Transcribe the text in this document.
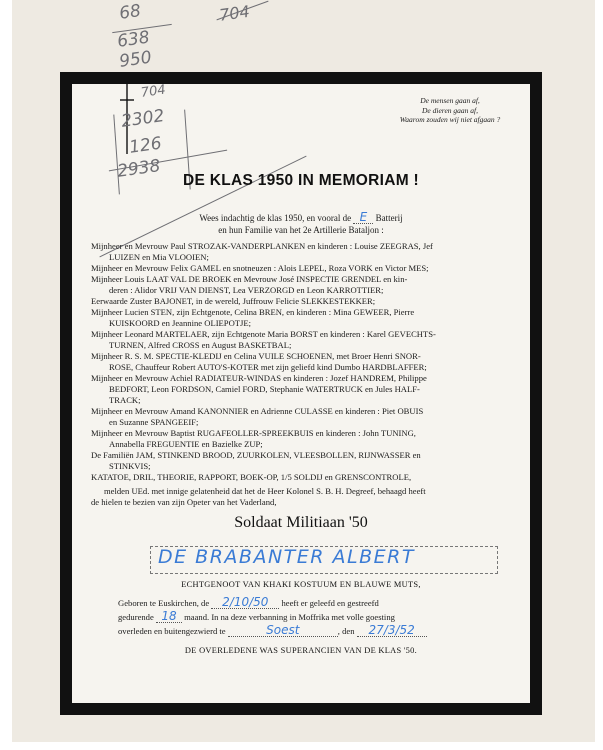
68
638
950
704
704
2302
126
2938
De mensen gaan af,
De dieren gaan af,
Waarom zouden wij niet afgaan ?
DE KLAS 1950 IN MEMORIAM !
Wees indachtig de klas 1950, en vooral de E Batterij
en hun Familie van het 2e Artillerie Bataljon :
Mijnheer en Mevrouw Paul STROZAK-VANDERPLANKEN en kinderen : Louise ZEEGRAS, Jef
LUIZEN en Mia VLOOIEN;
Mijnheer en Mevrouw Felix GAMEL en snotneuzen : Alois LEPEL, Roza VORK en Victor MES;
Mijnheer Louis LAAT VAL DE BROEK en Mevrouw José INSPECTIE GRENDEL en kin-
deren : Alidor VRIJ VAN DIENST, Lea VERZORGD en Leon KARROTTIER;
Eerwaarde Zuster BAJONET, in de wereld, Juffrouw Felicie SLEKKESTEKKER;
Mijnheer Lucien STEN, zijn Echtgenote, Celina BREN, en kinderen : Mina GEWEER, Pierre
KUISKOORD en Jeannine OLIEPOTJE;
Mijnheer Leonard MARTELAER, zijn Echtgenote Maria BORST en kinderen : Karel GEVECHTS-
TURNEN, Alfred CROSS en August BASKETBAL;
Mijnheer R. S. M. SPECTIE-KLEDIJ en Celina VUILE SCHOENEN, met Broer Henri SNOR-
ROSE, Chauffeur Robert AUTO'S-KOTER met zijn geliefd kind Dumbo HARDBLAFFER;
Mijnheer en Mevrouw Achiel RADIATEUR-WINDAS en kinderen : Jozef HANDREM, Philippe
BEDFORT, Leon FORDSON, Camiel FORD, Stephanie WATERTRUCK en Jules HALF-
TRACK;
Mijnheer en Mevrouw Amand KANONNIER en Adrienne CULASSE en kinderen : Piet OBUIS
en Suzanne SPANGEEIF;
Mijnheer en Mevrouw Baptist RUGAFEOLLER-SPREEKBUIS en kinderen : John TUNING,
Annabella FREGUENTIE en Bazielke ZUP;
De Familiën JAM, STINKEND BROOD, ZUURKOLEN, VLEESBOLLEN, RIJNWASSER en
STINKVIS;
KATATOE, DRIL, THEORIE, RAPPORT, BOEK-OP, 1/5 SOLDIJ en GRENSCONTROLE,
melden UEd. met innige gelatenheid dat het de Heer Kolonel S. B. H. Degreef, behaagd heeft
de hielen te bezien van zijn Opeter van het Vaderland,
Soldaat Militiaan '50
DE BRABANTER ALBERT
ECHTGENOOT VAN KHAKI KOSTUUM EN BLAUWE MUTS,
Geboren te Euskirchen, de 2/10/50 heeft er geleefd en gestreefd
gedurende 18 maand. In na deze verbanning in Moffrika met volle goesting
overleden en buitengezwierd te	Soest	, den 27/3/52
DE OVERLEDENE WAS SUPERANCIEN VAN DE KLAS '50.
